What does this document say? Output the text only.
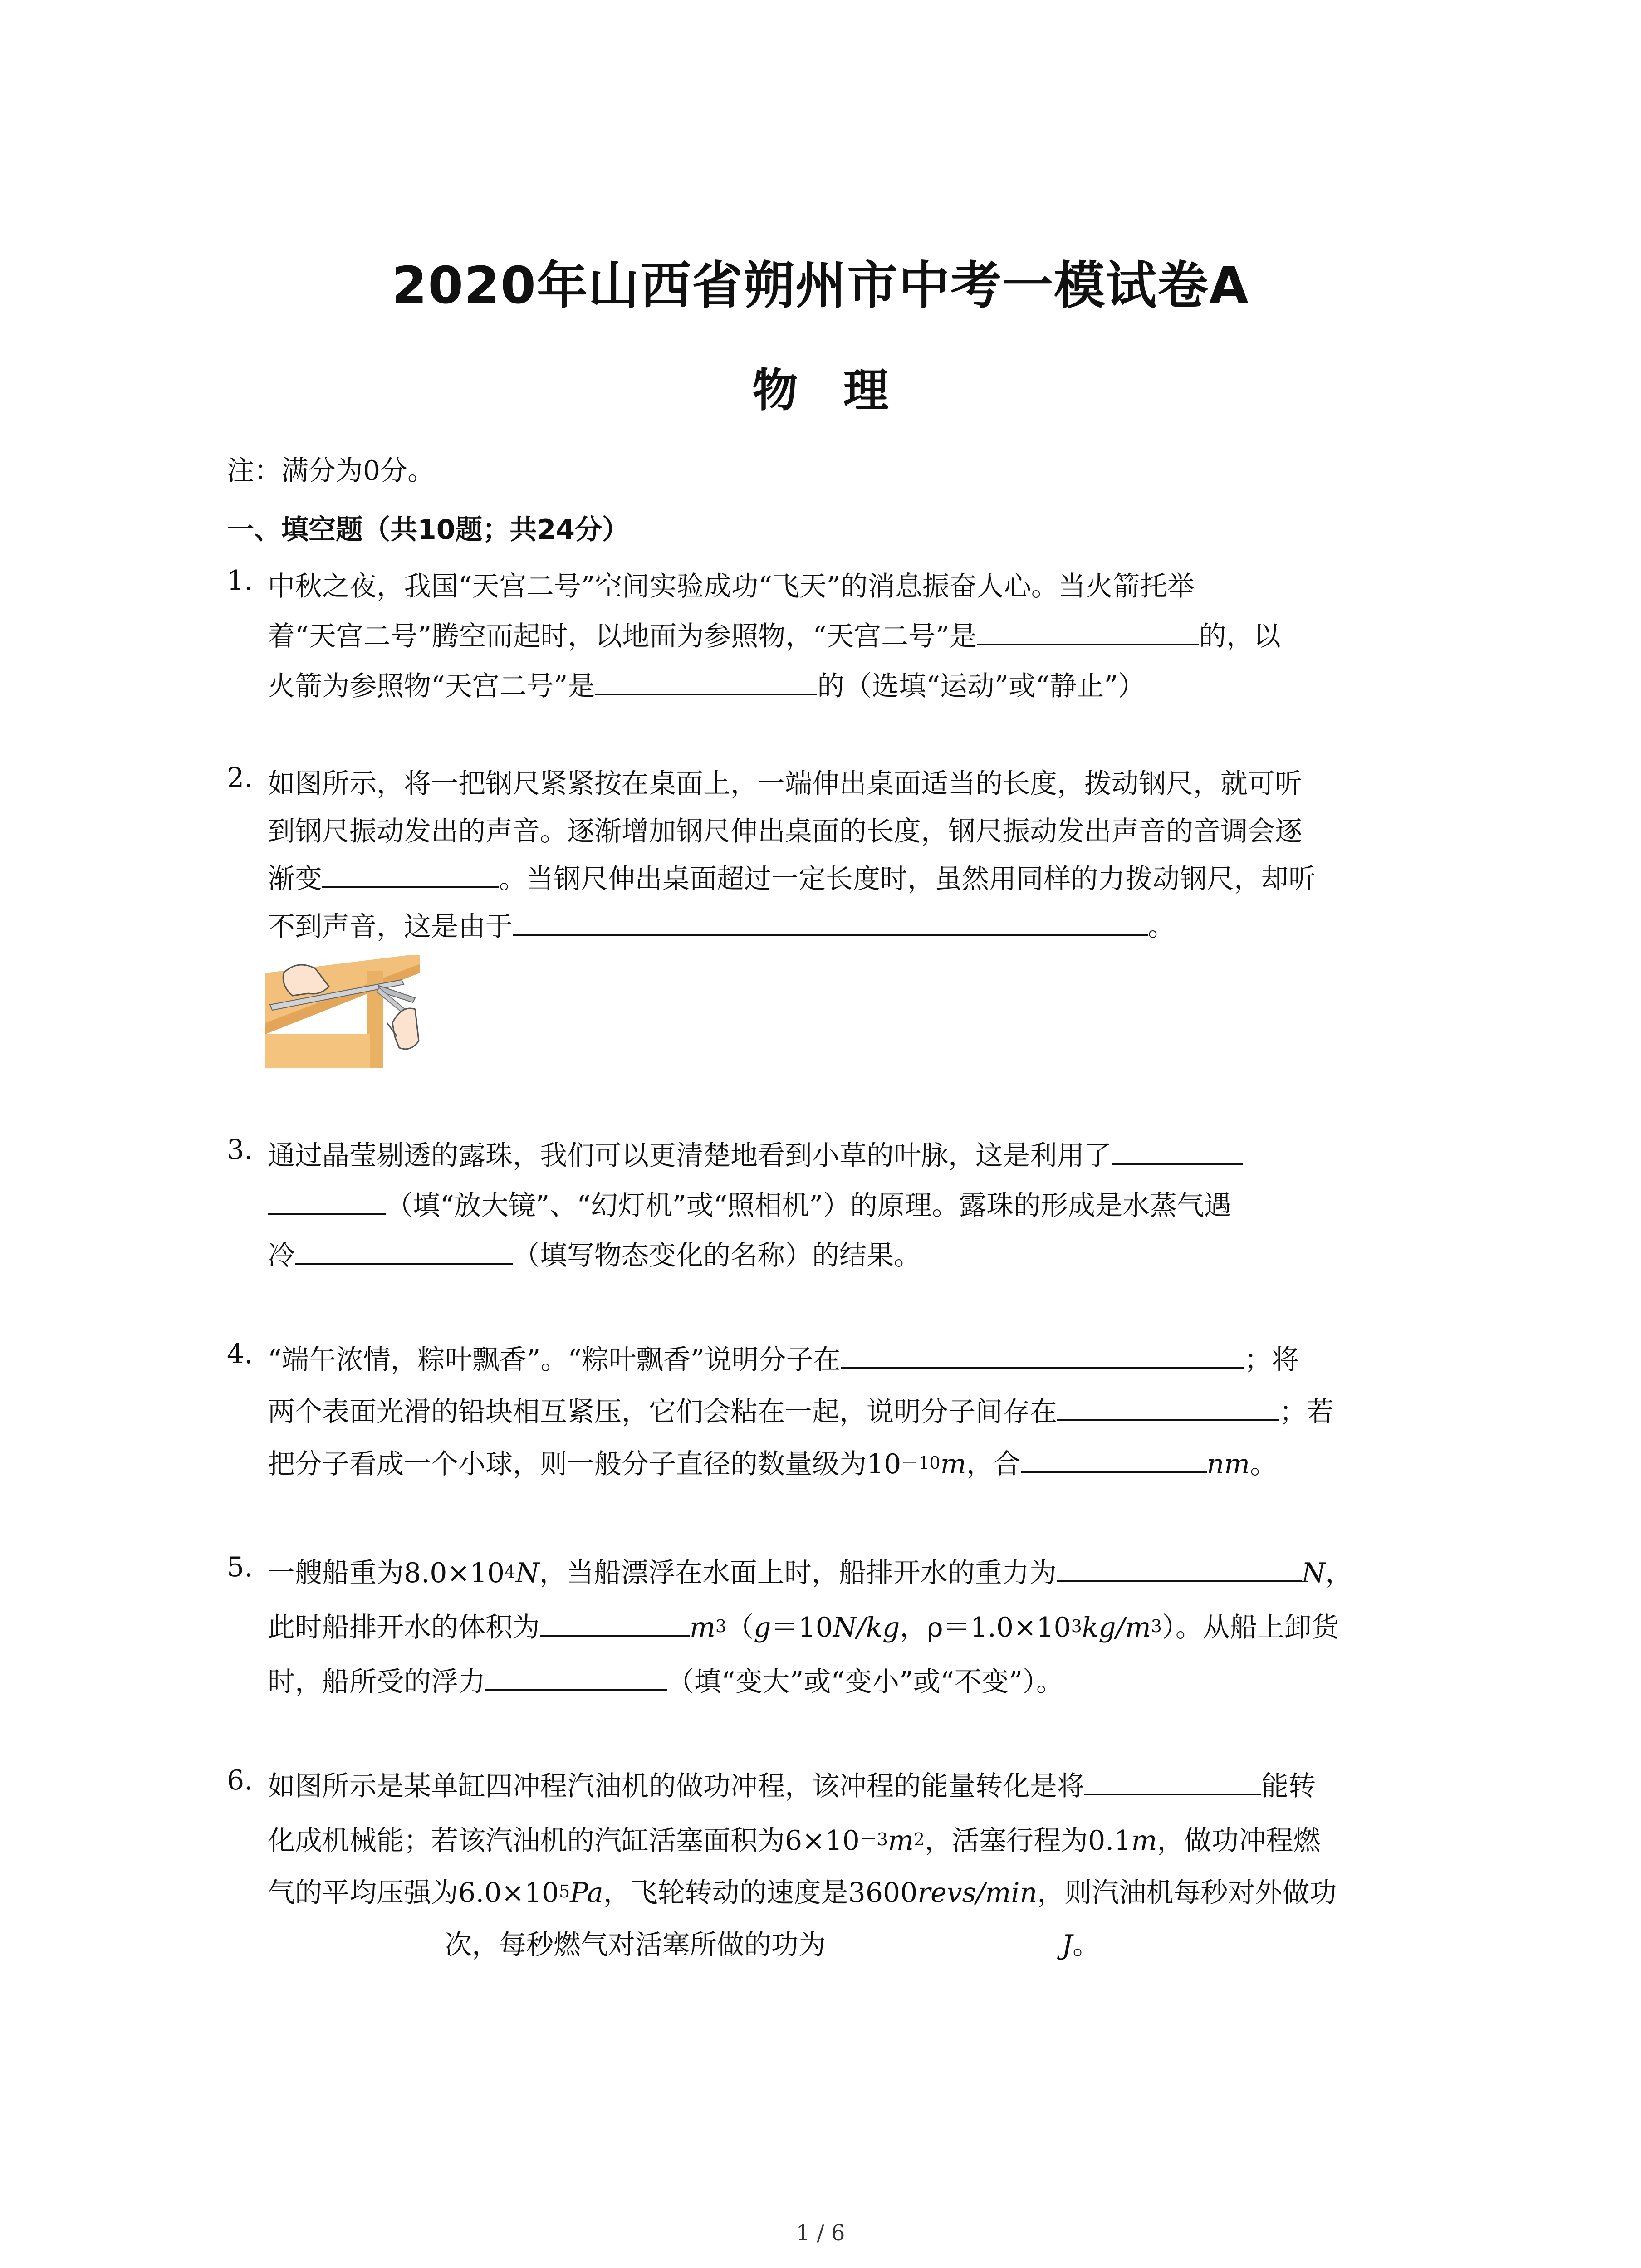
2020年山西省朔州市中考一模试卷A
物理
注：满分为0分。
一、填空题（共10题；共24分）
1. 中秋之夜，我国“天宫二号”空间实验成功“飞天”的消息振奋人心。当火箭托举
着“天宫二号”腾空而起时，以地面为参照物，“天宫二号”是	的，以
火箭为参照物“天宫二号”是	的（选填“运动”或“静止”）
2. 如图所示，将一把钢尺紧紧按在桌面上，一端伸出桌面适当的长度，拨动钢尺，就可听
到钢尺振动发出的声音。逐渐增加钢尺伸出桌面的长度，钢尺振动发出声音的音调会逐
渐变	。当钢尺伸出桌面超过一定长度时，虽然用同样的力拨动钢尺，却听
不到声音，这是由于	。
3. 通过晶莹剔透的露珠，我们可以更清楚地看到小草的叶脉，这是利用了
（填“放大镜”、“幻灯机”或“照相机”）的原理。露珠的形成是水蒸气遇
冷	（填写物态变化的名称）的结果。
4. “端午浓情，粽叶飘香”。“粽叶飘香”说明分子在	；将
两个表面光滑的铅块相互紧压，它们会粘在一起，说明分子间存在	；若
把分子看成一个小球，则一般分子直径的数量级为$10^{-10}m$，合	nm。
5. 一艘船重为$8.0\times 10^4N$，当船漂浮在水面上时，船排开水的重力为	N，
此时船排开水的体积为	$m^3(g=10N/kg$，$\rho=1.0\times 10^3kg/m^3$）。从船上卸货
时，船所受的浮力	（填“变大”或“变小”或“不变”）。
6. 如图所示是某单缸四冲程汽油机的做功冲程，该冲程的能量转化是将	能转
化成机械能；若该汽油机的汽缸活塞面积为$6\times 10^{-3}m^2$，活塞行程为0.1m，做功冲程燃
气的平均压强为$6.0\times 10^5Pa$，飞轮转动的速度是3600revs/min，则汽油机每秒对外做功
次，每秒燃气对活塞所做的功为	J。
1 / 6
